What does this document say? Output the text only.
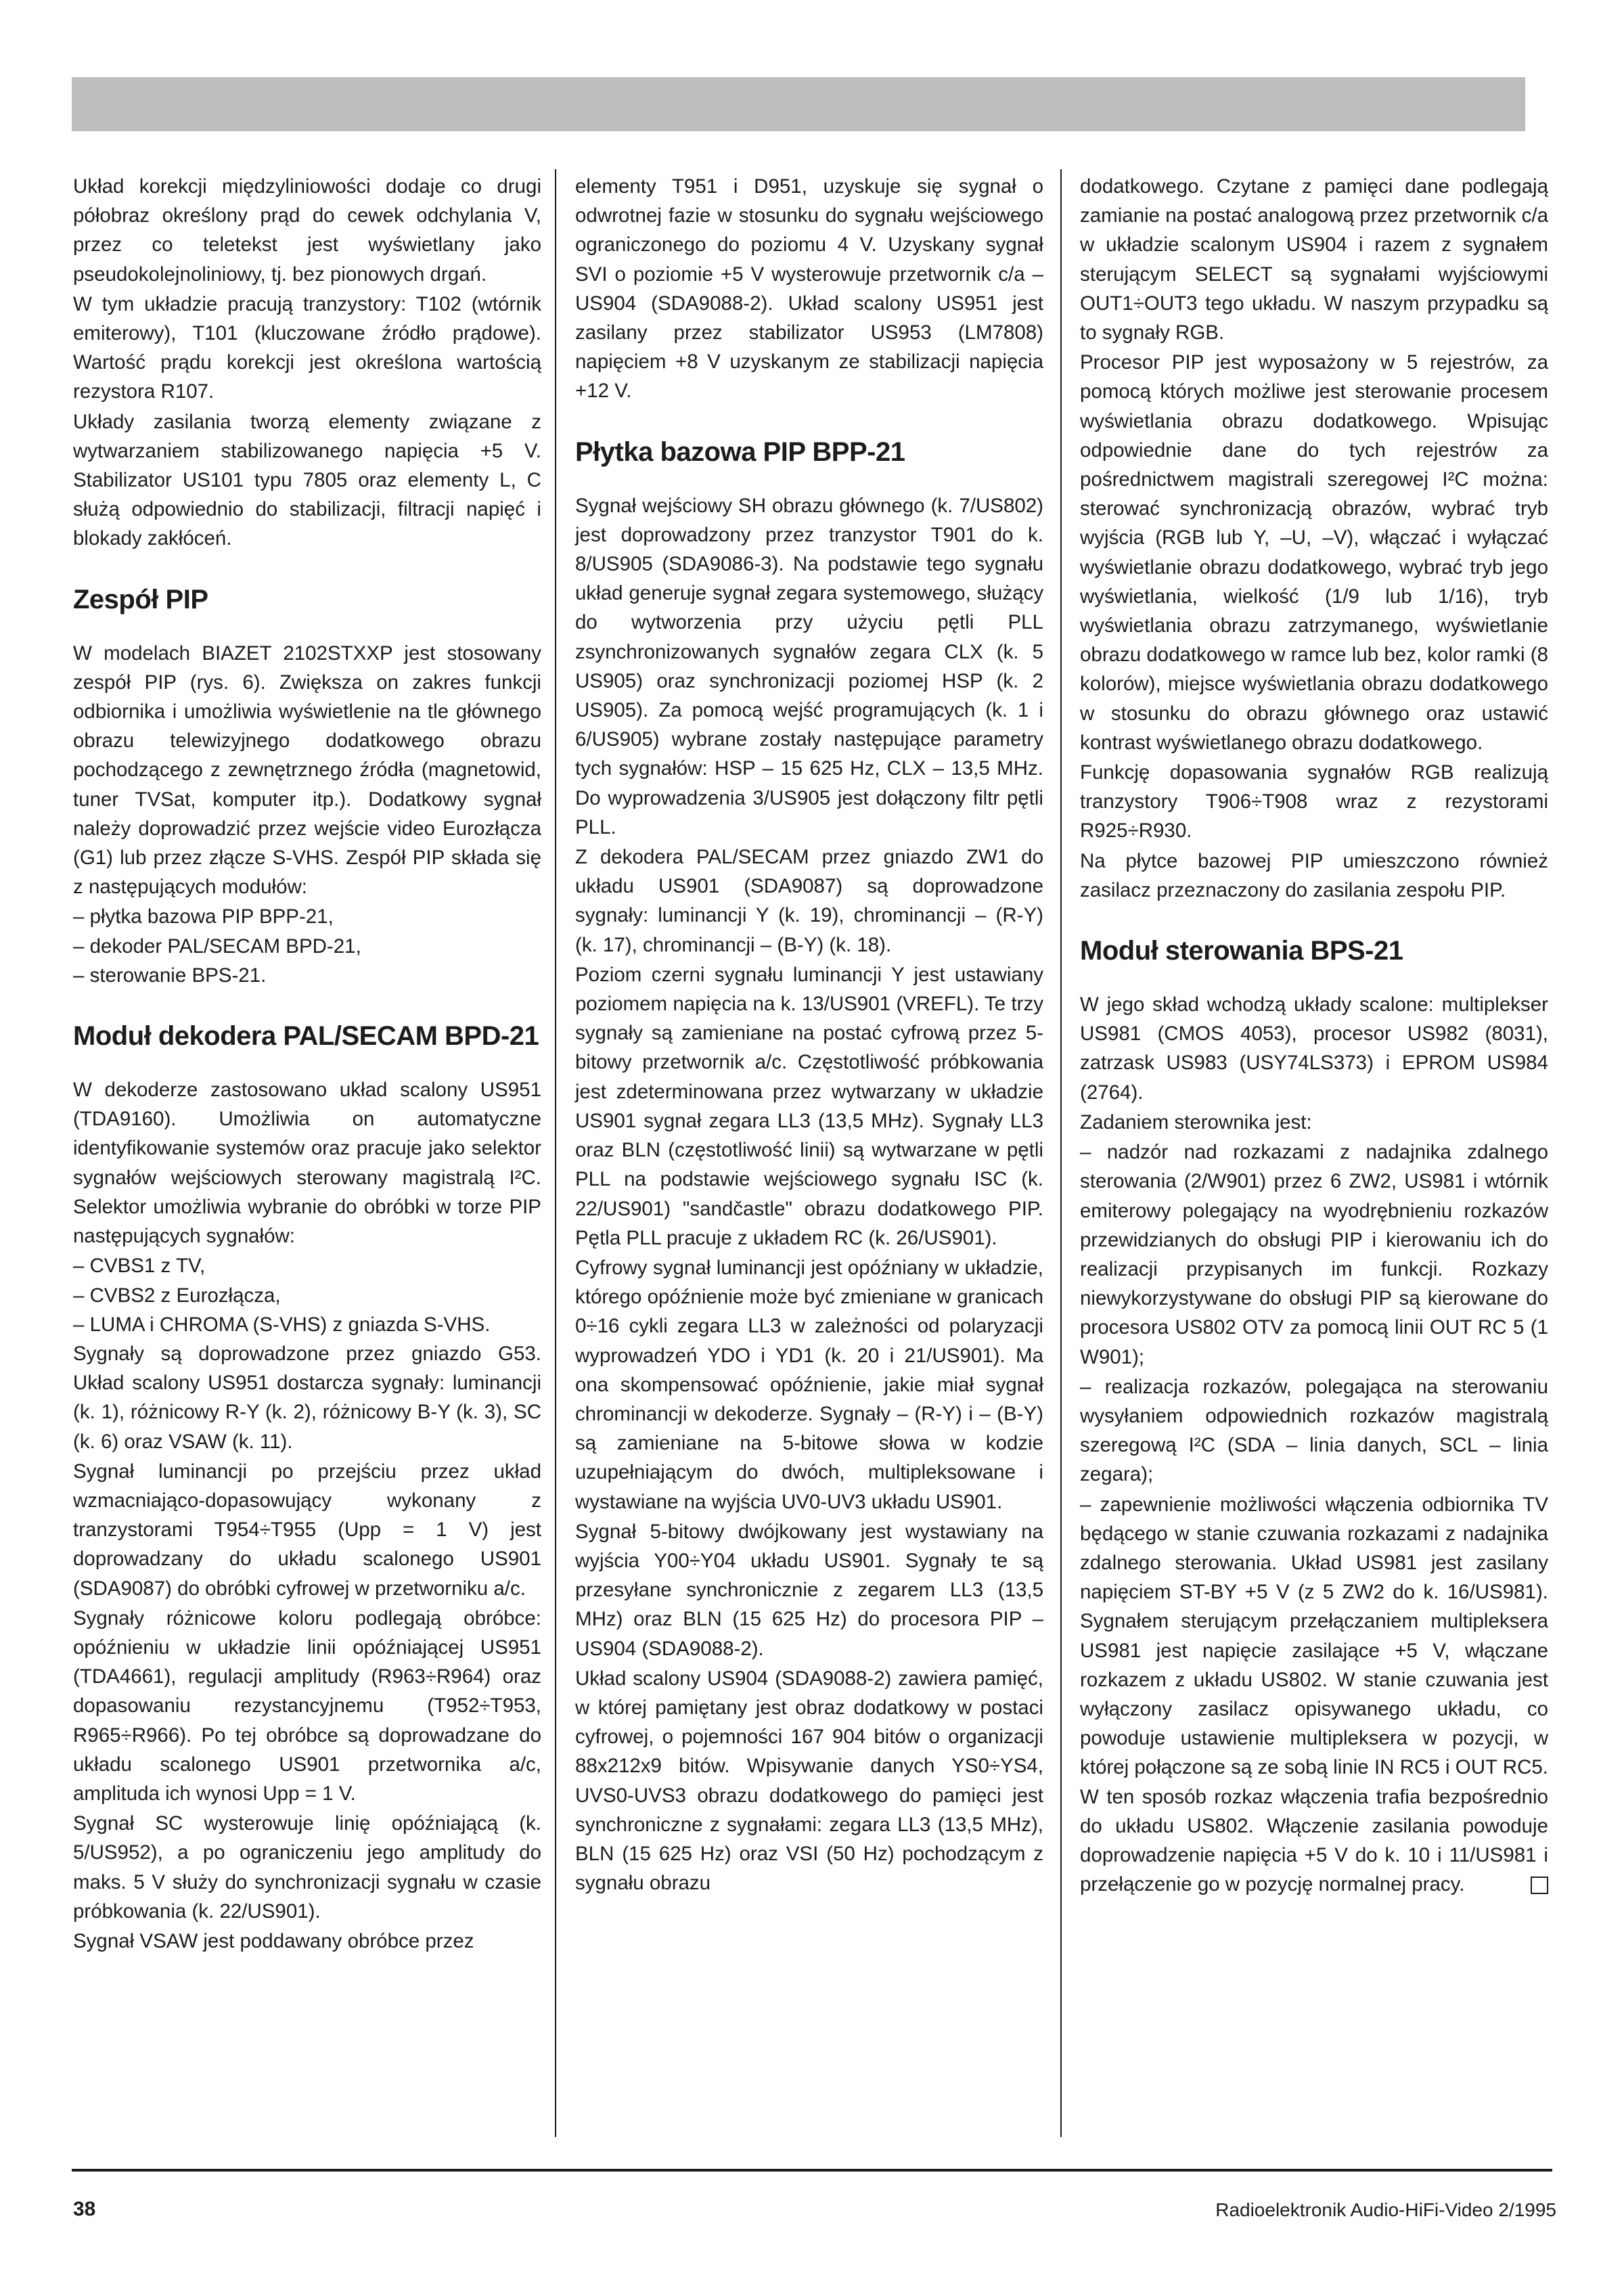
Układ korekcji międzyliniowości dodaje co drugi półobraz określony prąd do cewek odchylania V, przez co teletekst jest wyświetlany jako pseudokolejnoliniowy, tj. bez pionowych drgań.

W tym układzie pracują tranzystory: T102 (wtórnik emiterowy), T101 (kluczowane źródło prądowe). Wartość prądu korekcji jest określona wartością rezystora R107.

Układy zasilania tworzą elementy związane z wytwarzaniem stabilizowanego napięcia +5 V. Stabilizator US101 typu 7805 oraz elementy L, C służą odpowiednio do stabilizacji, filtracji napięć i blokady zakłóceń.

Zespół PIP

W modelach BIAZET 2102STXXP jest stosowany zespół PIP (rys. 6). Zwiększa on zakres funkcji odbiornika i umożliwia wyświetlenie na tle głównego obrazu telewizyjnego dodatkowego obrazu pochodzącego z zewnętrznego źródła (magnetowid, tuner TVSat, komputer itp.). Dodatkowy sygnał należy doprowadzić przez wejście video Eurozłącza (G1) lub przez złącze S-VHS. Zespół PIP składa się z następujących modułów:

– płytka bazowa PIP BPP-21,

– dekoder PAL/SECAM BPD-21,

– sterowanie BPS-21.

Moduł dekodera PAL/SECAM BPD-21

W dekoderze zastosowano układ scalony US951 (TDA9160). Umożliwia on automatyczne identyfikowanie systemów oraz pracuje jako selektor sygnałów wejściowych sterowany magistralą I²C. Selektor umożliwia wybranie do obróbki w torze PIP następujących sygnałów:

– CVBS1 z TV,

– CVBS2 z Eurozłącza,

– LUMA i CHROMA (S-VHS) z gniazda S-VHS.

Sygnały są doprowadzone przez gniazdo G53. Układ scalony US951 dostarcza sygnały: luminancji (k. 1), różnicowy R-Y (k. 2), różnicowy B-Y (k. 3), SC (k. 6) oraz VSAW (k. 11).

Sygnał luminancji po przejściu przez układ wzmacniająco-dopasowujący wykonany z tranzystorami T954÷T955 (Upp = 1 V) jest doprowadzany do układu scalonego US901 (SDA9087) do obróbki cyfrowej w przetworniku a/c.

Sygnały różnicowe koloru podlegają obróbce: opóźnieniu w układzie linii opóźniającej US951 (TDA4661), regulacji amplitudy (R963÷R964) oraz dopasowaniu rezystancyjnemu (T952÷T953, R965÷R966). Po tej obróbce są doprowadzane do układu scalonego US901 przetwornika a/c, amplituda ich wynosi Upp = 1 V.

Sygnał SC wysterowuje linię opóźniającą (k. 5/US952), a po ograniczeniu jego amplitudy do maks. 5 V służy do synchronizacji sygnału w czasie próbkowania (k. 22/US901).

Sygnał VSAW jest poddawany obróbce przez

elementy T951 i D951, uzyskuje się sygnał o odwrotnej fazie w stosunku do sygnału wejściowego ograniczonego do poziomu 4 V. Uzyskany sygnał SVI o poziomie +5 V wysterowuje przetwornik c/a – US904 (SDA9088-2). Układ scalony US951 jest zasilany przez stabilizator US953 (LM7808) napięciem +8 V uzyskanym ze stabilizacji napięcia +12 V.

Płytka bazowa PIP BPP-21

Sygnał wejściowy SH obrazu głównego (k. 7/US802) jest doprowadzony przez tranzystor T901 do k. 8/US905 (SDA9086-3). Na podstawie tego sygnału układ generuje sygnał zegara systemowego, służący do wytworzenia przy użyciu pętli PLL zsynchronizowanych sygnałów zegara CLX (k. 5 US905) oraz synchronizacji poziomej HSP (k. 2 US905). Za pomocą wejść programujących (k. 1 i 6/US905) wybrane zostały następujące parametry tych sygnałów: HSP – 15 625 Hz, CLX – 13,5 MHz. Do wyprowadzenia 3/US905 jest dołączony filtr pętli PLL.

Z dekodera PAL/SECAM przez gniazdo ZW1 do układu US901 (SDA9087) są doprowadzone sygnały: luminancji Y (k. 19), chrominancji – (R-Y) (k. 17), chrominancji – (B-Y) (k. 18).

Poziom czerni sygnału luminancji Y jest ustawiany poziomem napięcia na k. 13/US901 (VREFL). Te trzy sygnały są zamieniane na postać cyfrową przez 5-bitowy przetwornik a/c. Częstotliwość próbkowania jest zdeterminowana przez wytwarzany w układzie US901 sygnał zegara LL3 (13,5 MHz). Sygnały LL3 oraz BLN (częstotliwość linii) są wytwarzane w pętli PLL na podstawie wejściowego sygnału ISC (k. 22/US901) "sandčastle" obrazu dodatkowego PIP. Pętla PLL pracuje z układem RC (k. 26/US901).

Cyfrowy sygnał luminancji jest opóźniany w układzie, którego opóźnienie może być zmieniane w granicach 0÷16 cykli zegara LL3 w zależności od polaryzacji wyprowadzeń YDO i YD1 (k. 20 i 21/US901). Ma ona skompensować opóźnienie, jakie miał sygnał chrominancji w dekoderze. Sygnały – (R-Y) i – (B-Y) są zamieniane na 5-bitowe słowa w kodzie uzupełniającym do dwóch, multipleksowane i wystawiane na wyjścia UV0-UV3 układu US901.

Sygnał 5-bitowy dwójkowany jest wystawiany na wyjścia Y00÷Y04 układu US901. Sygnały te są przesyłane synchronicznie z zegarem LL3 (13,5 MHz) oraz BLN (15 625 Hz) do procesora PIP – US904 (SDA9088-2).

Układ scalony US904 (SDA9088-2) zawiera pamięć, w której pamiętany jest obraz dodatkowy w postaci cyfrowej, o pojemności 167 904 bitów o organizacji 88x212x9 bitów. Wpisywanie danych YS0÷YS4, UVS0-UVS3 obrazu dodatkowego do pamięci jest synchroniczne z sygnałami: zegara LL3 (13,5 MHz), BLN (15 625 Hz) oraz VSI (50 Hz) pochodzącym z sygnału obrazu

dodatkowego. Czytane z pamięci dane podlegają zamianie na postać analogową przez przetwornik c/a w układzie scalonym US904 i razem z sygnałem sterującym SELECT są sygnałami wyjściowymi OUT1÷OUT3 tego układu. W naszym przypadku są to sygnały RGB.

Procesor PIP jest wyposażony w 5 rejestrów, za pomocą których możliwe jest sterowanie procesem wyświetlania obrazu dodatkowego. Wpisując odpowiednie dane do tych rejestrów za pośrednictwem magistrali szeregowej I²C można: sterować synchronizacją obrazów, wybrać tryb wyjścia (RGB lub Y, –U, –V), włączać i wyłączać wyświetlanie obrazu dodatkowego, wybrać tryb jego wyświetlania, wielkość (1/9 lub 1/16), tryb wyświetlania obrazu zatrzymanego, wyświetlanie obrazu dodatkowego w ramce lub bez, kolor ramki (8 kolorów), miejsce wyświetlania obrazu dodatkowego w stosunku do obrazu głównego oraz ustawić kontrast wyświetlanego obrazu dodatkowego.

Funkcję dopasowania sygnałów RGB realizują tranzystory T906÷T908 wraz z rezystorami R925÷R930.

Na płytce bazowej PIP umieszczono również zasilacz przeznaczony do zasilania zespołu PIP.

Moduł sterowania BPS-21

W jego skład wchodzą układy scalone: multiplekser US981 (CMOS 4053), procesor US982 (8031), zatrzask US983 (USY74LS373) i EPROM US984 (2764).

Zadaniem sterownika jest:

– nadzór nad rozkazami z nadajnika zdalnego sterowania (2/W901) przez 6 ZW2, US981 i wtórnik emiterowy polegający na wyodrębnieniu rozkazów przewidzianych do obsługi PIP i kierowaniu ich do realizacji przypisanych im funkcji. Rozkazy niewykorzystywane do obsługi PIP są kierowane do procesora US802 OTV za pomocą linii OUT RC 5 (1 W901);

– realizacja rozkazów, polegająca na sterowaniu wysyłaniem odpowiednich rozkazów magistralą szeregową I²C (SDA – linia danych, SCL – linia zegara);

– zapewnienie możliwości włączenia odbiornika TV będącego w stanie czuwania rozkazami z nadajnika zdalnego sterowania. Układ US981 jest zasilany napięciem ST-BY +5 V (z 5 ZW2 do k. 16/US981). Sygnałem sterującym przełączaniem multipleksera US981 jest napięcie zasilające +5 V, włączane rozkazem z układu US802. W stanie czuwania jest wyłączony zasilacz opisywanego układu, co powoduje ustawienie multipleksera w pozycji, w której połączone są ze sobą linie IN RC5 i OUT RC5. W ten sposób rozkaz włączenia trafia bezpośrednio do układu US802. Włączenie zasilania powoduje doprowadzenie napięcia +5 V do k. 10 i 11/US981 i przełączenie go w pozycję normalnej pracy.

38	Radioelektronik Audio-HiFi-Video 2/1995
